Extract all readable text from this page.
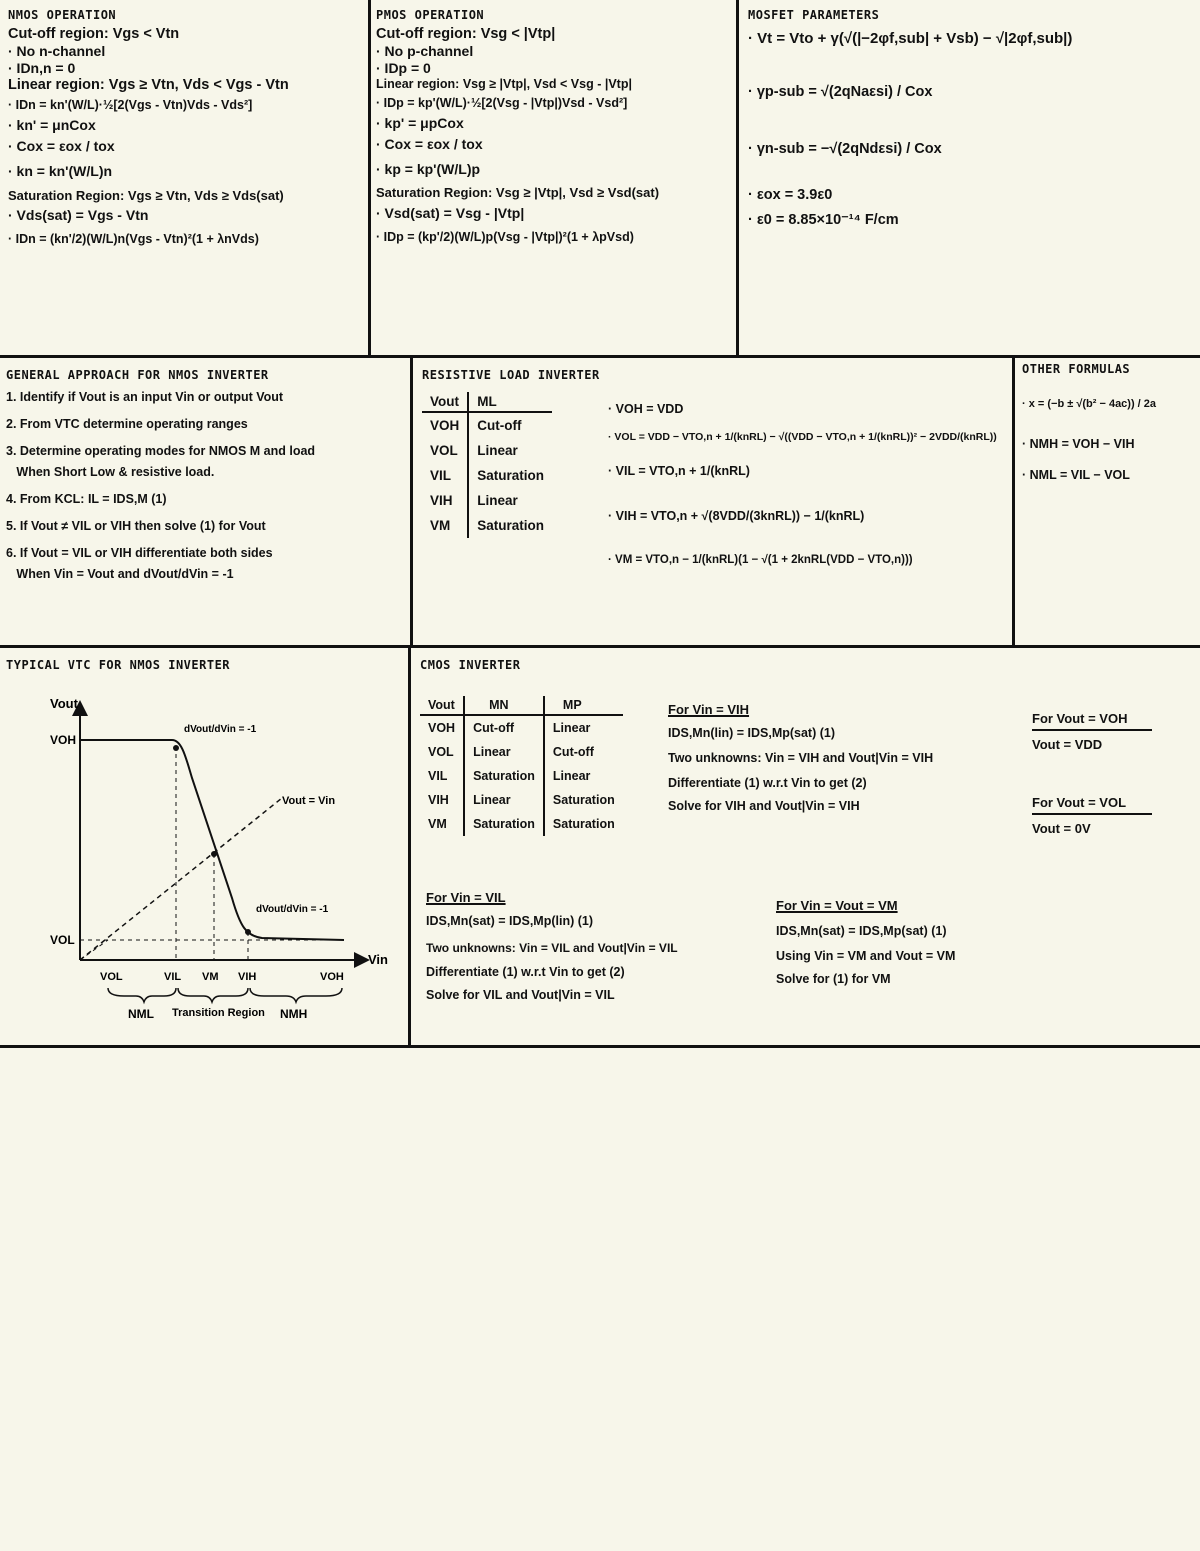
NMOS OPERATION

Cut-off region: Vgs < Vtn

· No n-channel

· IDn,n = 0

Linear region: Vgs ≥ Vtn, Vds < Vgs - Vtn

· IDn = kn'(W/L)·½[2(Vgs - Vtn)Vds - Vds²]

· kn' = μnCox

· Cox = εox / tox

· kn = kn'(W/L)n

Saturation Region: Vgs ≥ Vtn, Vds ≥ Vds(sat)

· Vds(sat) = Vgs - Vtn

· IDn = (kn'/2)(W/L)n(Vgs - Vtn)²(1 + λnVds)

PMOS OPERATION

Cut-off region: Vsg < |Vtp|

· No p-channel

· IDp = 0

Linear region: Vsg ≥ |Vtp|, Vsd < Vsg - |Vtp|

· IDp = kp'(W/L)·½[2(Vsg - |Vtp|)Vsd - Vsd²]

· kp' = μpCox

· Cox = εox / tox

· kp = kp'(W/L)p

Saturation Region: Vsg ≥ |Vtp|, Vsd ≥ Vsd(sat)

· Vsd(sat) = Vsg - |Vtp|

· IDp = (kp'/2)(W/L)p(Vsg - |Vtp|)²(1 + λpVsd)

MOSFET PARAMETERS

· Vt = Vto + γ(√(|−2φf,sub| + Vsb) − √|2φf,sub|)

· γp-sub = √(2qNaεsi) / Cox

· γn-sub = −√(2qNdεsi) / Cox

· εox = 3.9ε0

· ε0 = 8.85×10⁻¹⁴ F/cm

GENERAL APPROACH FOR NMOS INVERTER

1. Identify if Vout is an input Vin or output Vout

2. From VTC determine operating ranges

3. Determine operating modes for NMOS M and load

When Short Low & resistive load.

4. From KCL: IL = IDS,M (1)

5. If Vout ≠ VIL or VIH then solve (1) for Vout

6. If Vout = VIL or VIH differentiate both sides

When Vin = Vout and dVout/dVin = -1

RESISTIVE LOAD INVERTER
Vout	ML
VOH	Cut-off
VOL	Linear
VIL	Saturation
VIH	Linear
VM	Saturation

· VOH = VDD

· VOL = VDD − VTO,n + 1/(knRL) − √((VDD − VTO,n + 1/(knRL))² − 2VDD/(knRL))

· VIL = VTO,n + 1/(knRL)

· VIH = VTO,n + √(8VDD/(3knRL)) − 1/(knRL)

· VM = VTO,n − 1/(knRL)(1 − √(1 + 2knRL(VDD − VTO,n)))

OTHER FORMULAS

· x = (−b ± √(b² − 4ac)) / 2a

· NMH = VOH − VIH

· NML = VIL − VOL

TYPICAL VTC FOR NMOS INVERTER
Vout
Vin
VOH
VOL
Vout = Vin
dVout/dVin = -1
dVout/dVin = -1
VOL	VIL VM VIH	VOH
NML Transition Region NMH
CMOS INVERTER
Vout	MN	MP
VOH	Cut-off	Linear
VOL	Linear	Cut-off
VIL	Saturation	Linear
VIH	Linear	Saturation
VM	Saturation	Saturation

For Vin = VIH

IDS,Mn(lin) = IDS,Mp(sat) (1)

Two unknowns: Vin = VIH and Vout|Vin = VIH

Differentiate (1) w.r.t Vin to get (2)

Solve for VIH and Vout|Vin = VIH

For Vout = VOH

Vout = VDD

For Vout = VOL

Vout = 0V

For Vin = VIL

IDS,Mn(sat) = IDS,Mp(lin) (1)

Two unknowns: Vin = VIL and Vout|Vin = VIL

Differentiate (1) w.r.t Vin to get (2)

Solve for VIL and Vout|Vin = VIL

For Vin = Vout = VM

IDS,Mn(sat) = IDS,Mp(sat) (1)

Using Vin = VM and Vout = VM

Solve for (1) for VM
